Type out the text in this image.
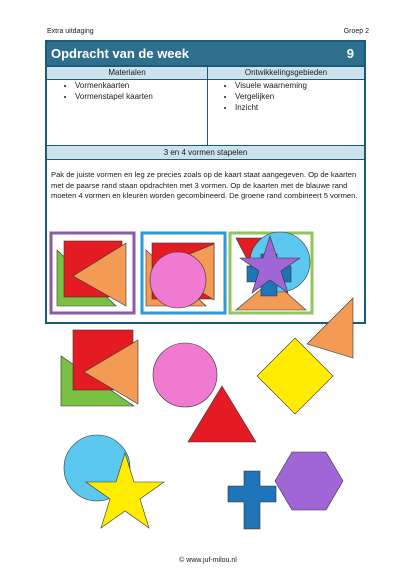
Extra uitdaging	Groep 2
Opdracht van de week	9
Materialen	Ontwikkelingsgebieden
• Vormenkaarten
• Vormenstapel kaarten
• Visuele waarneming
• Vergelijken
• Inzicht
3 en 4 vormen stapelen

Pak de juiste vormen en leg ze precies zoals op de kaart staat aangegeven. Op de kaarten met de paarse rand staan opdrachten met 3 vormen. Op de kaarten met de blauwe rand moeten 4 vormen en kleuren worden gecombineerd. De groene rand combineert 5 vormen.

© www.juf-milou.nl
